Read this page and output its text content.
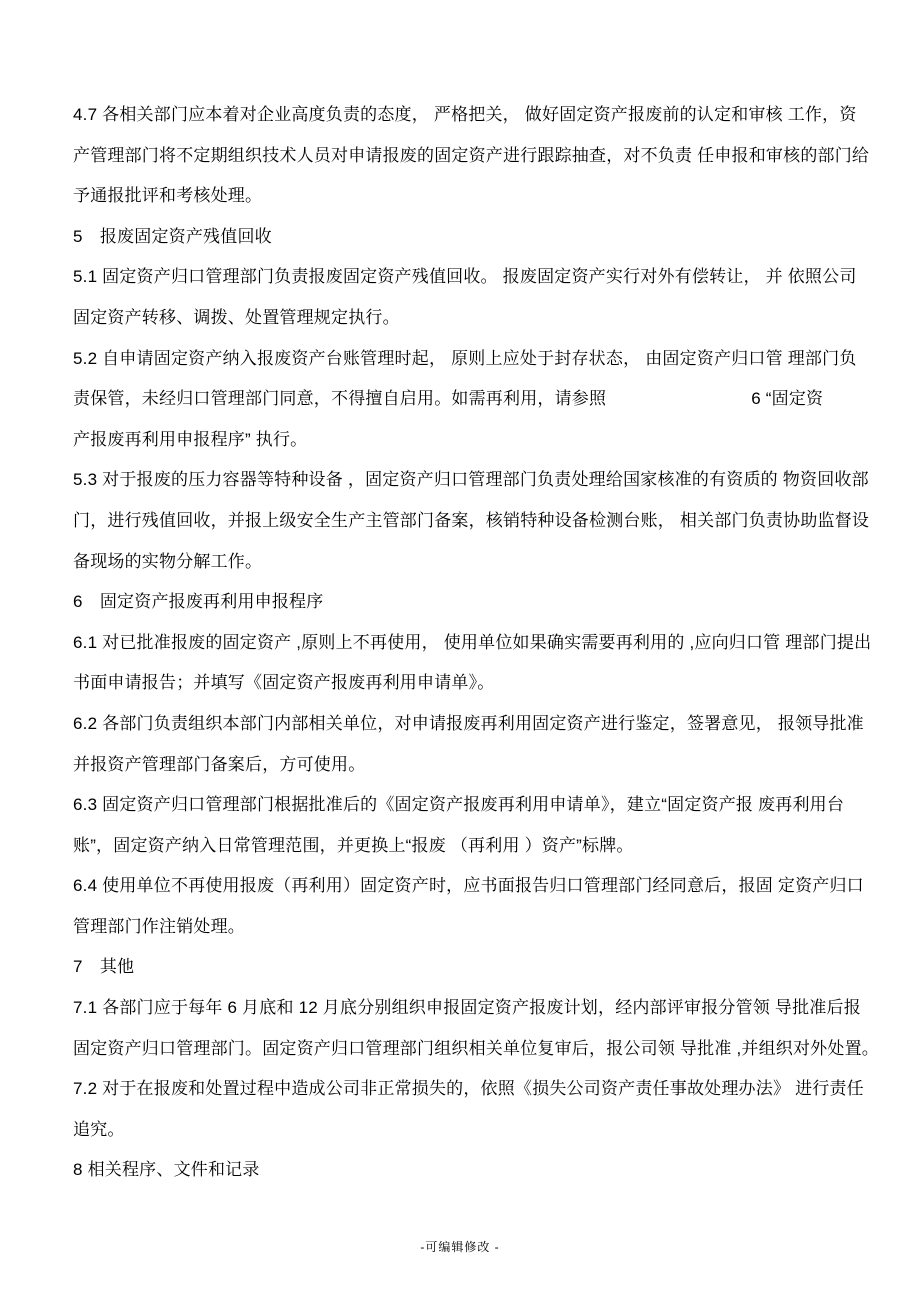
4.7 各相关部门应本着对企业高度负责的态度， 严格把关， 做好固定资产报废前的认定和审核 工作，资
产管理部门将不定期组织技术人员对申请报废的固定资产进行跟踪抽查，对不负责 任申报和审核的部门给
予通报批评和考核处理。
5　报废固定资产残值回收
5.1 固定资产归口管理部门负责报废固定资产残值回收。 报废固定资产实行对外有偿转让， 并 依照公司
固定资产转移、调拨、处置管理规定执行。
5.2 自申请固定资产纳入报废资产台账管理时起， 原则上应处于封存状态， 由固定资产归口管 理部门负
责保管，未经归口管理部门同意，不得擅自启用。如需再利用，请参照	6 “固定资
产报废再利用申报程序” 执行。
5.3 对于报废的压力容器等特种设备 ，固定资产归口管理部门负责处理给国家核准的有资质的 物资回收部
门，进行残值回收，并报上级安全生产主管部门备案，核销特种设备检测台账， 相关部门负责协助监督设
备现场的实物分解工作。
6　固定资产报废再利用申报程序
6.1 对已批准报废的固定资产 ,原则上不再使用， 使用单位如果确实需要再利用的 ,应向归口管 理部门提出
书面申请报告；并填写《固定资产报废再利用申请单》。
6.2 各部门负责组织本部门内部相关单位，对申请报废再利用固定资产进行鉴定，签署意见， 报领导批准
并报资产管理部门备案后，方可使用。
6.3 固定资产归口管理部门根据批准后的《固定资产报废再利用申请单》，建立“固定资产报 废再利用台
账”，固定资产纳入日常管理范围，并更换上“报废 （再利用 ）资产”标牌。
6.4 使用单位不再使用报废（再利用）固定资产时，应书面报告归口管理部门经同意后，报固 定资产归口
管理部门作注销处理。
7　其他
7.1 各部门应于每年 6 月底和 12 月底分别组织申报固定资产报废计划，经内部评审报分管领 导批准后报
固定资产归口管理部门。固定资产归口管理部门组织相关单位复审后，报公司领 导批准 ,并组织对外处置。
7.2 对于在报废和处置过程中造成公司非正常损失的，依照《损失公司资产责任事故处理办法》 进行责任
追究。
8 相关程序、文件和记录
-可编辑修改 -
